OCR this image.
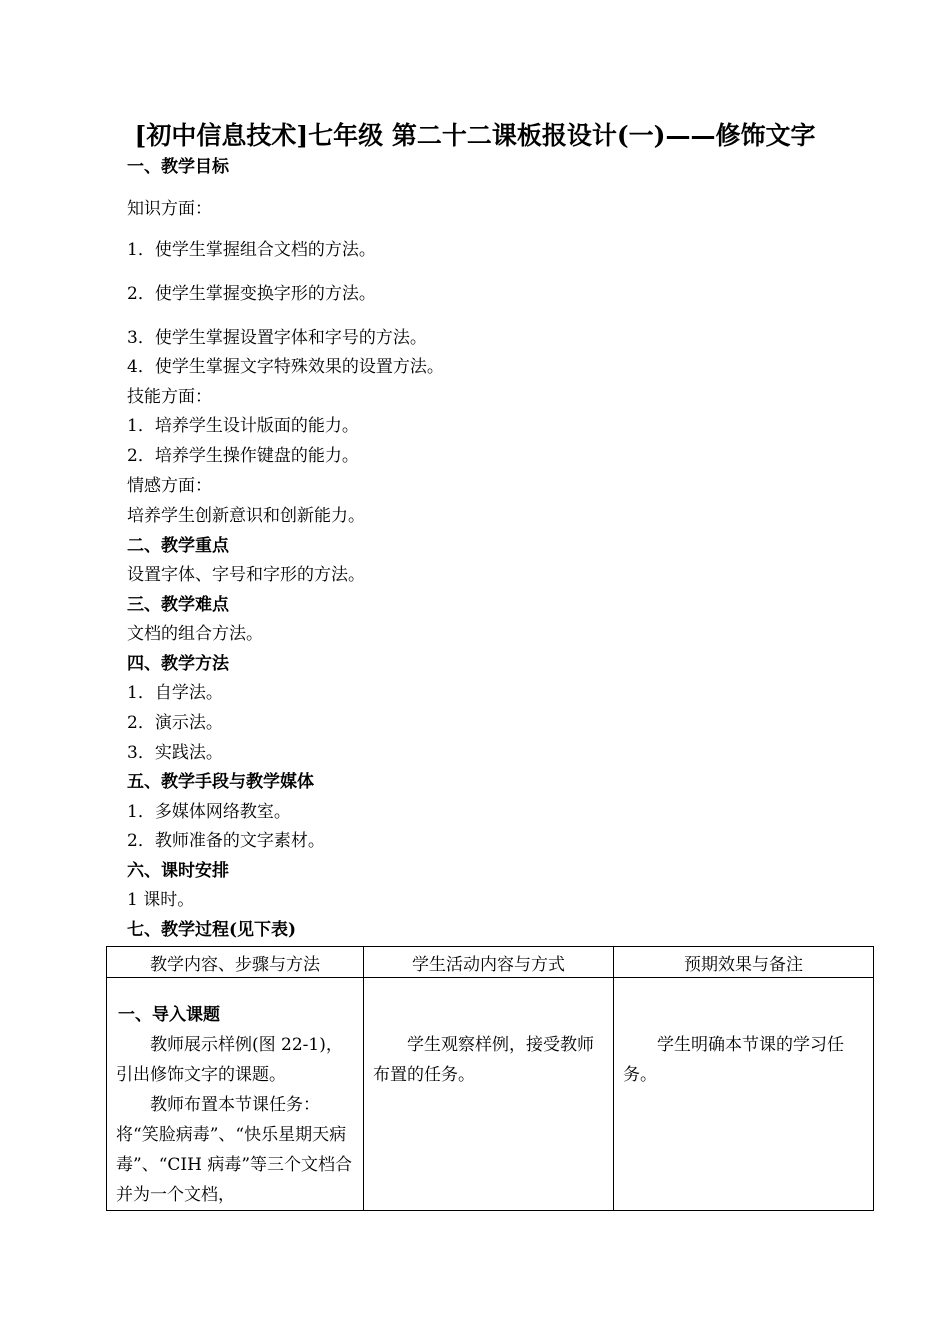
[初中信息技术]七年级 第二十二课板报设计(一)——修饰文字
一、教学目标
知识方面：
1．使学生掌握组合文档的方法。
2．使学生掌握变换字形的方法。
3．使学生掌握设置字体和字号的方法。
4．使学生掌握文字特殊效果的设置方法。
技能方面：
1．培养学生设计版面的能力。
2．培养学生操作键盘的能力。
情感方面：
培养学生创新意识和创新能力。
二、教学重点
设置字体、字号和字形的方法。
三、教学难点
文档的组合方法。
四、教学方法
1．自学法。
2．演示法。
3．实践法。
五、教学手段与教学媒体
1．多媒体网络教室。
2．教师准备的文字素材。
六、课时安排
1 课时。
七、教学过程(见下表)
教学内容、步骤与方法	学生活动内容与方式	预期效果与备注

一、导入课题
教师展示样例(图 22-1)，引出修饰文字的课题。
教师布置本节课任务：将“笑脸病毒”、“快乐星期天病毒”、“CIH 病毒”等三个文档合并为一个文档，	学生观察样例，接受教师布置的任务。	学生明确本节课的学习任务。
